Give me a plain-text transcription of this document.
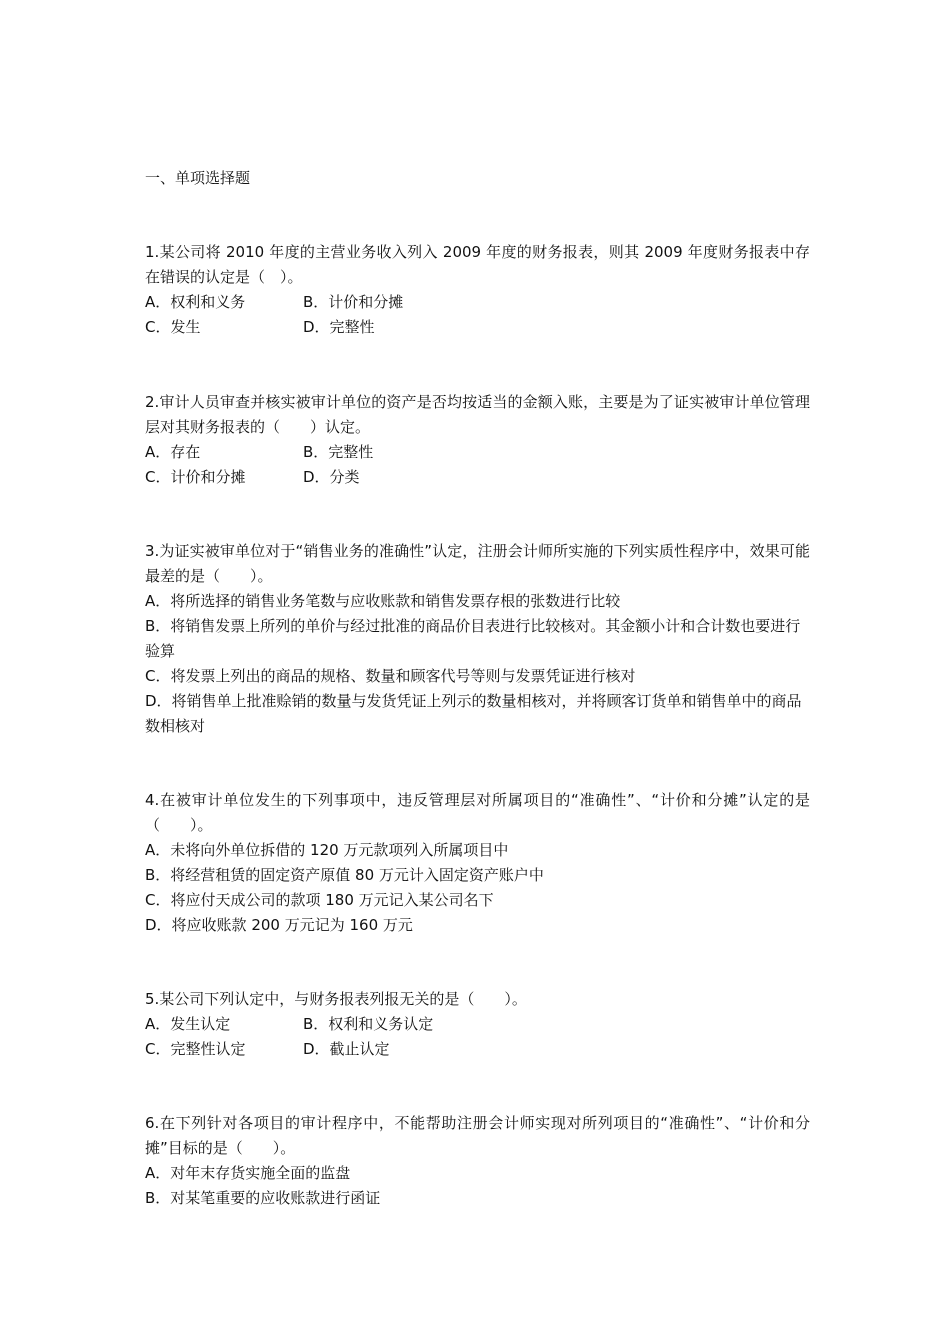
一、单项选择题
1.某公司将 2010 年度的主营业务收入列入 2009 年度的财务报表，则其 2009 年度财务报表中存在错误的认定是（　）。
A．权利和义务	B．计价和分摊
C．发生	D．完整性
2.审计人员审查并核实被审计单位的资产是否均按适当的金额入账，主要是为了证实被审计单位管理层对其财务报表的（　　）认定。
A．存在	B．完整性
C．计价和分摊	D．分类
3.为证实被审单位对于“销售业务的准确性”认定，注册会计师所实施的下列实质性程序中，效果可能最差的是（　　）。
A．将所选择的销售业务笔数与应收账款和销售发票存根的张数进行比较
B．将销售发票上所列的单价与经过批准的商品价目表进行比较核对。其金额小计和合计数也要进行验算
C．将发票上列出的商品的规格、数量和顾客代号等则与发票凭证进行核对
D．将销售单上批准赊销的数量与发货凭证上列示的数量相核对，并将顾客订货单和销售单中的商品数相核对
4.在被审计单位发生的下列事项中，违反管理层对所属项目的“准确性”、“计价和分摊”认定的是（　　）。
A．未将向外单位拆借的 120 万元款项列入所属项目中
B．将经营租赁的固定资产原值 80 万元计入固定资产账户中
C．将应付天成公司的款项 180 万元记入某公司名下
D．将应收账款 200 万元记为 160 万元
5.某公司下列认定中，与财务报表列报无关的是（　　）。
A．发生认定	B．权利和义务认定
C．完整性认定	D．截止认定
6.在下列针对各项目的审计程序中，不能帮助注册会计师实现对所列项目的“准确性”、“计价和分摊”目标的是（　　）。
A．对年末存货实施全面的监盘
B．对某笔重要的应收账款进行函证
